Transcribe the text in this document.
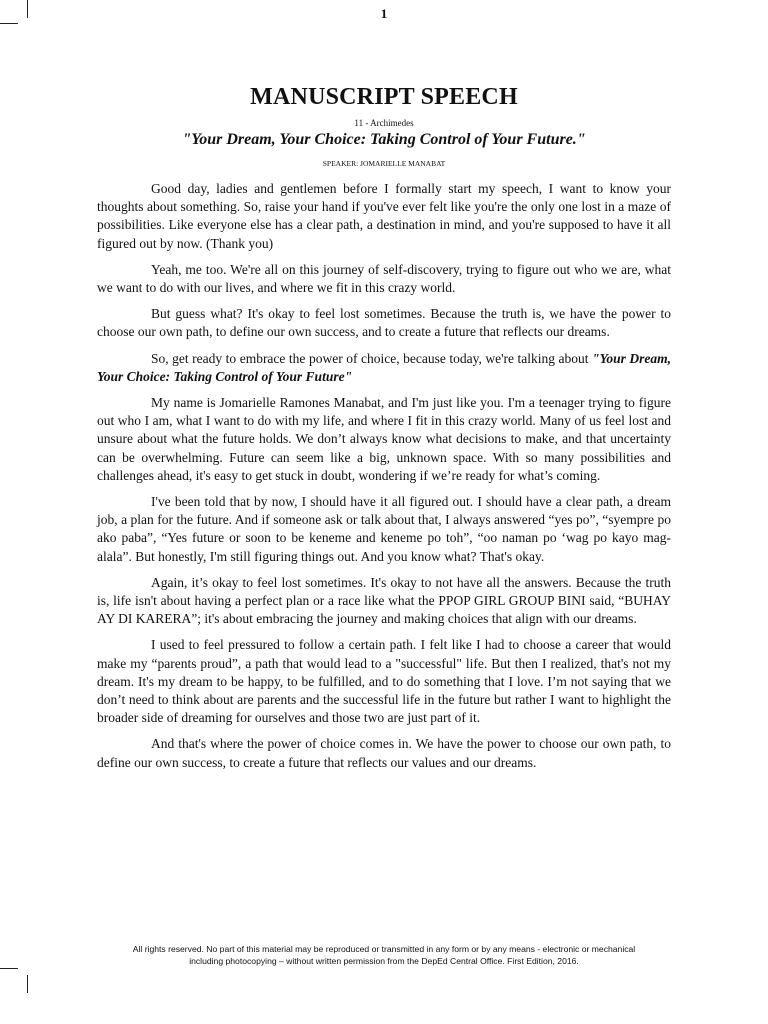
1
MANUSCRIPT SPEECH
11 - Archimedes
"Your Dream, Your Choice: Taking Control of Your Future."
SPEAKER: JOMARIELLE MANABAT

Good day, ladies and gentlemen before I formally start my speech, I want to know your thoughts about something. So, raise your hand if you've ever felt like you're the only one lost in a maze of possibilities. Like everyone else has a clear path, a destination in mind, and you're supposed to have it all figured out by now. (Thank you)

Yeah, me too. We're all on this journey of self-discovery, trying to figure out who we are, what we want to do with our lives, and where we fit in this crazy world.

But guess what? It's okay to feel lost sometimes. Because the truth is, we have the power to choose our own path, to define our own success, and to create a future that reflects our dreams.

So, get ready to embrace the power of choice, because today, we're talking about "Your Dream, Your Choice: Taking Control of Your Future"

My name is Jomarielle Ramones Manabat, and I'm just like you. I'm a teenager trying to figure out who I am, what I want to do with my life, and where I fit in this crazy world. Many of us feel lost and unsure about what the future holds. We don’t always know what decisions to make, and that uncertainty can be overwhelming. Future can seem like a big, unknown space. With so many possibilities and challenges ahead, it's easy to get stuck in doubt, wondering if we’re ready for what’s coming.

I've been told that by now, I should have it all figured out. I should have a clear path, a dream job, a plan for the future. And if someone ask or talk about that, I always answered “yes po”, “syempre po ako paba”, “Yes future or soon to be keneme and keneme po toh”, “oo naman po ‘wag po kayo mag-alala”. But honestly, I'm still figuring things out. And you know what? That's okay.

Again, it’s okay to feel lost sometimes. It's okay to not have all the answers. Because the truth is, life isn't about having a perfect plan or a race like what the PPOP GIRL GROUP BINI said, “BUHAY AY DI KARERA”; it's about embracing the journey and making choices that align with our dreams.

I used to feel pressured to follow a certain path. I felt like I had to choose a career that would make my “parents proud”, a path that would lead to a "successful" life. But then I realized, that's not my dream. It's my dream to be happy, to be fulfilled, and to do something that I love. I’m not saying that we don’t need to think about are parents and the successful life in the future but rather I want to highlight the broader side of dreaming for ourselves and those two are just part of it.

And that's where the power of choice comes in. We have the power to choose our own path, to define our own success, to create a future that reflects our values and our dreams.

All rights reserved. No part of this material may be reproduced or transmitted in any form or by any means - electronic or mechanical including photocopying – without written permission from the DepEd Central Office. First Edition, 2016.
